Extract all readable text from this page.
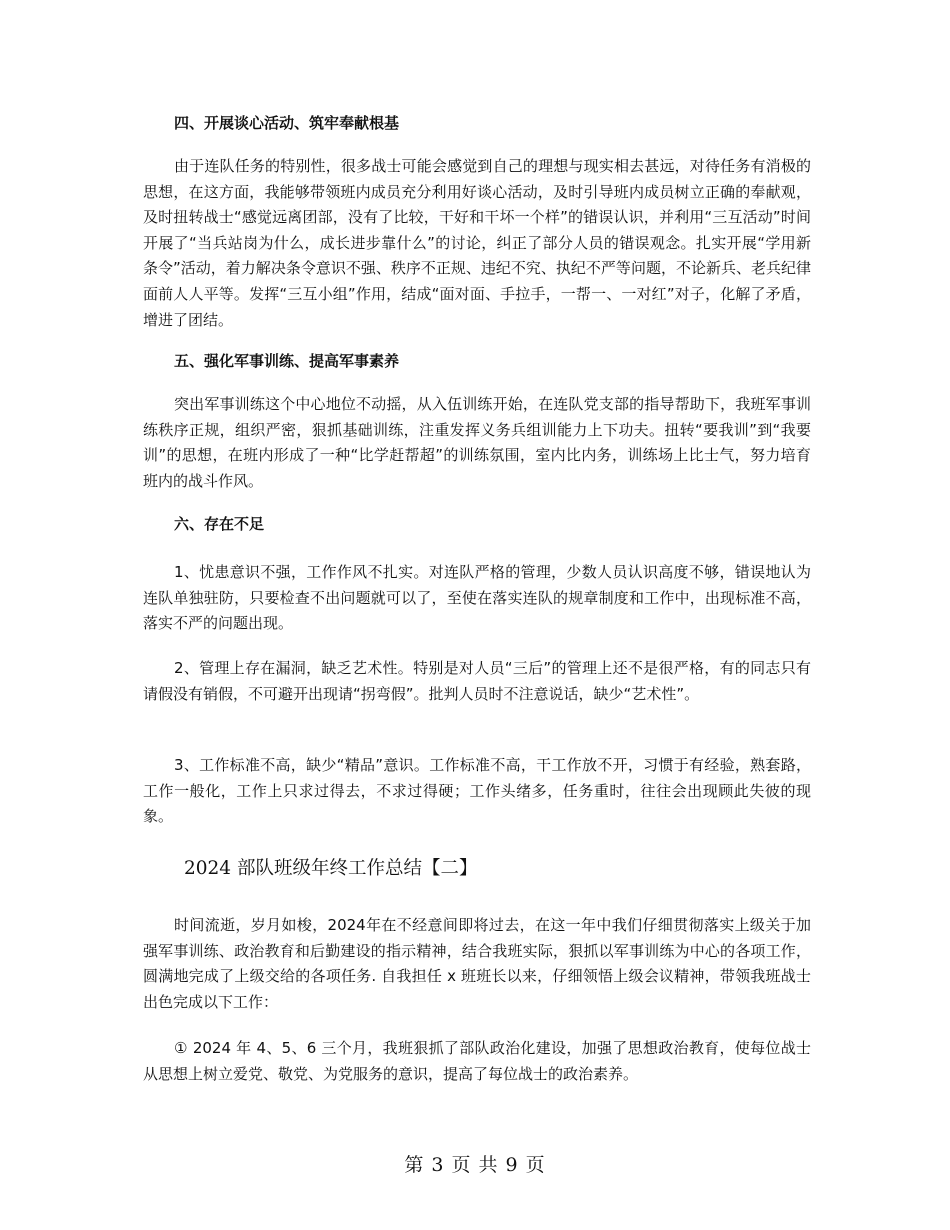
四、开展谈心活动、筑牢奉献根基
由于连队任务的特别性，很多战士可能会感觉到自己的理想与现实相去甚远，对待任务有消极的思想，在这方面，我能够带领班内成员充分利用好谈心活动，及时引导班内成员树立正确的奉献观，及时扭转战士“感觉远离团部，没有了比较，干好和干坏一个样”的错误认识，并利用“三互活动”时间开展了“当兵站岗为什么，成长进步靠什么”的讨论，纠正了部分人员的错误观念。扎实开展“学用新条令”活动，着力解决条令意识不强、秩序不正规、违纪不究、执纪不严等问题，不论新兵、老兵纪律面前人人平等。发挥“三互小组”作用，结成“面对面、手拉手，一帮一、一对红”对子，化解了矛盾，增进了团结。
五、强化军事训练、提高军事素养
突出军事训练这个中心地位不动摇，从入伍训练开始，在连队党支部的指导帮助下，我班军事训练秩序正规，组织严密，狠抓基础训练，注重发挥义务兵组训能力上下功夫。扭转“要我训”到“我要训”的思想，在班内形成了一种“比学赶帮超”的训练氛围，室内比内务，训练场上比士气，努力培育班内的战斗作风。
六、存在不足
1、忧患意识不强，工作作风不扎实。对连队严格的管理，少数人员认识高度不够，错误地认为连队单独驻防，只要检查不出问题就可以了，至使在落实连队的规章制度和工作中，出现标准不高，落实不严的问题出现。
2、管理上存在漏洞，缺乏艺术性。特别是对人员“三后”的管理上还不是很严格，有的同志只有请假没有销假，不可避开出现请“拐弯假”。批判人员时不注意说话，缺少“艺术性”。
3、工作标准不高，缺少“精品”意识。工作标准不高，干工作放不开，习惯于有经验，熟套路，工作一般化，工作上只求过得去，不求过得硬；工作头绪多，任务重时，往往会出现顾此失彼的现象。
2024 部队班级年终工作总结【二】
时间流逝，岁月如梭，2024年在不经意间即将过去，在这一年中我们仔细贯彻落实上级关于加强军事训练、政治教育和后勤建设的指示精神，结合我班实际，狠抓以军事训练为中心的各项工作，圆满地完成了上级交给的各项任务. 自我担任 x 班班长以来，仔细领悟上级会议精神，带领我班战士出色完成以下工作：
① 2024 年 4、5、6 三个月，我班狠抓了部队政治化建设，加强了思想政治教育，使每位战士从思想上树立爱党、敬党、为党服务的意识，提高了每位战士的政治素养。
第 3 页 共 9 页
